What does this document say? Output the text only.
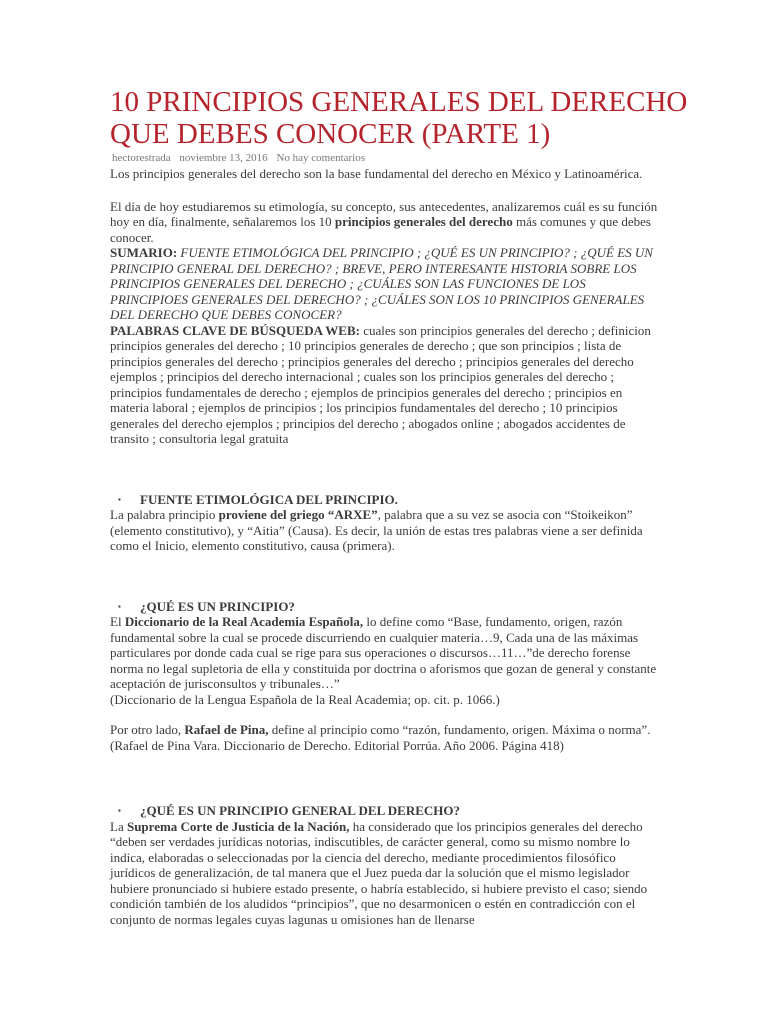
10 PRINCIPIOS GENERALES DEL DERECHO QUE DEBES CONOCER (PARTE 1)
hectorestrada noviembre 13, 2016 No hay comentarios

Los principios generales del derecho son la base fundamental del derecho en México y Latinoamérica.

El día de hoy estudiaremos su etimología, su concepto, sus antecedentes, analizaremos cuál es su función hoy en día, finalmente, señalaremos los 10 principios generales del derecho más comunes y que debes conocer.

SUMARIO: FUENTE ETIMOLÓGICA DEL PRINCIPIO ; ¿QUÉ ES UN PRINCIPIO? ; ¿QUÉ ES UN PRINCIPIO GENERAL DEL DERECHO? ; BREVE, PERO INTERESANTE HISTORIA SOBRE LOS PRINCIPIOS GENERALES DEL DERECHO ; ¿CUÁLES SON LAS FUNCIONES DE LOS PRINCIPIOES GENERALES DEL DERECHO? ; ¿CUÁLES SON LOS 10 PRINCIPIOS GENERALES DEL DERECHO QUE DEBES CONOCER?

PALABRAS CLAVE DE BÚSQUEDA WEB: cuales son principios generales del derecho ; definicion principios generales del derecho ; 10 principios generales de derecho ; que son principios ; lista de principios generales del derecho ; principios generales del derecho ; principios generales del derecho ejemplos ; principios del derecho internacional ; cuales son los principios generales del derecho ; principios fundamentales de derecho ; ejemplos de principios generales del derecho ; principios en materia laboral ; ejemplos de principios ; los principios fundamentales del derecho ; 10 principios generales del derecho ejemplos ; principios del derecho ; abogados online ; abogados accidentes de transito ; consultoria legal gratuita

▪	FUENTE ETIMOLÓGICA DEL PRINCIPIO.

La palabra principio proviene del griego “ARXE”, palabra que a su vez se asocia con “Stoikeikon” (elemento constitutivo), y “Aitia” (Causa). Es decir, la unión de estas tres palabras viene a ser definida como el Inicio, elemento constitutivo, causa (primera).

▪	¿QUÉ ES UN PRINCIPIO?

El Diccionario de la Real Academia Española, lo define como “Base, fundamento, origen, razón fundamental sobre la cual se procede discurriendo en cualquier materia…9, Cada una de las máximas particulares por donde cada cual se rige para sus operaciones o discursos…11…”de derecho forense norma no legal supletoria de ella y constituida por doctrina o aforismos que gozan de general y constante aceptación de jurisconsultos y tribunales…”

(Diccionario de la Lengua Española de la Real Academia; op. cit. p. 1066.)

Por otro lado, Rafael de Pina, define al principio como “razón, fundamento, origen. Máxima o norma”.

(Rafael de Pina Vara. Diccionario de Derecho. Editorial Porrúa. Año 2006. Página 418)

▪	¿QUÉ ES UN PRINCIPIO GENERAL DEL DERECHO?

La Suprema Corte de Justicia de la Nación, ha considerado que los principios generales del derecho “deben ser verdades jurídicas notorias, indiscutibles, de carácter general, como su mismo nombre lo indica, elaboradas o seleccionadas por la ciencia del derecho, mediante procedimientos filosófico jurídicos de generalización, de tal manera que el Juez pueda dar la solución que el mismo legislador hubiere pronunciado si hubiere estado presente, o habría establecido, si hubiere previsto el caso; siendo condición también de los aludidos “principios”, que no desarmonicen o estén en contradicción con el conjunto de normas legales cuyas lagunas u omisiones han de llenarse
